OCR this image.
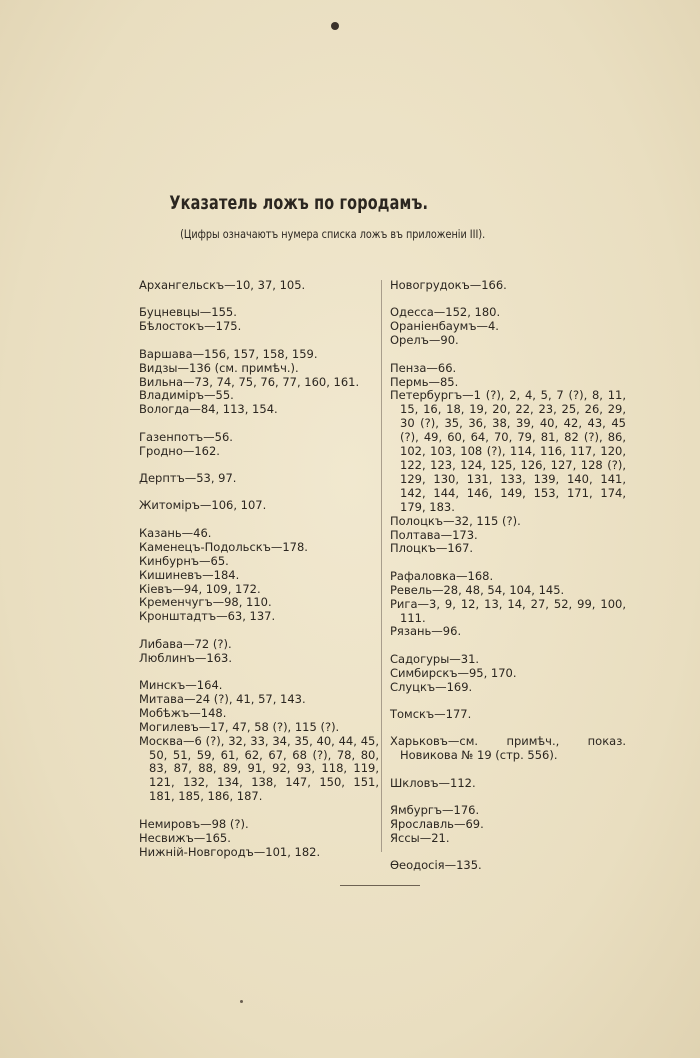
Указатель ложъ по городамъ.
(Цифры означаютъ нумера списка ложъ въ приложеніи III).
Архангельскъ—10, 37, 105.
Буцневцы—155.
Бѣлостокъ—175.
Варшава—156, 157, 158, 159.
Видзы—136 (см. примѣч.).
Вильна—73, 74, 75, 76, 77, 160, 161.
Владиміръ—55.
Вологда—84, 113, 154.
Газенпотъ—56.
Гродно—162.
Дерптъ—53, 97.
Житоміръ—106, 107.
Казань—46.
Каменецъ-Подольскъ—178.
Кинбурнъ—65.
Кишиневъ—184.
Кіевъ—94, 109, 172.
Кременчугъ—98, 110.
Кронштадтъ—63, 137.
Либава—72 (?).
Люблинъ—163.
Минскъ—164.
Митава—24 (?), 41, 57, 143.
Мобѣжъ—148.
Могилевъ—17, 47, 58 (?), 115 (?).
Москва—6 (?), 32, 33, 34, 35, 40, 44, 45, 50, 51, 59, 61, 62, 67, 68 (?), 78, 80, 83, 87, 88, 89, 91, 92, 93, 118, 119, 121, 132, 134, 138, 147, 150, 151, 181, 185, 186, 187.
Немировъ—98 (?).
Несвижъ—165.
Нижній-Новгородъ—101, 182.
Новогрудокъ—166.
Одесса—152, 180.
Ораніенбаумъ—4.
Орелъ—90.
Пенза—66.
Пермь—85.
Петербургъ—1 (?), 2, 4, 5, 7 (?), 8, 11, 15, 16, 18, 19, 20, 22, 23, 25, 26, 29, 30 (?), 35, 36, 38, 39, 40, 42, 43, 45 (?), 49, 60, 64, 70, 79, 81, 82 (?), 86, 102, 103, 108 (?), 114, 116, 117, 120, 122, 123, 124, 125, 126, 127, 128 (?), 129, 130, 131, 133, 139, 140, 141, 142, 144, 146, 149, 153, 171, 174, 179, 183.
Полоцкъ—32, 115 (?).
Полтава—173.
Плоцкъ—167.
Рафаловка—168.
Ревель—28, 48, 54, 104, 145.
Рига—3, 9, 12, 13, 14, 27, 52, 99, 100, 111.
Рязань—96.
Садогуры—31.
Симбирскъ—95, 170.
Слуцкъ—169.
Томскъ—177.
Харьковъ—см. примѣч., показ. Новикова № 19 (стр. 556).
Шкловъ—112.
Ямбургъ—176.
Ярославль—69.
Яссы—21.
Ѳеодосія—135.
